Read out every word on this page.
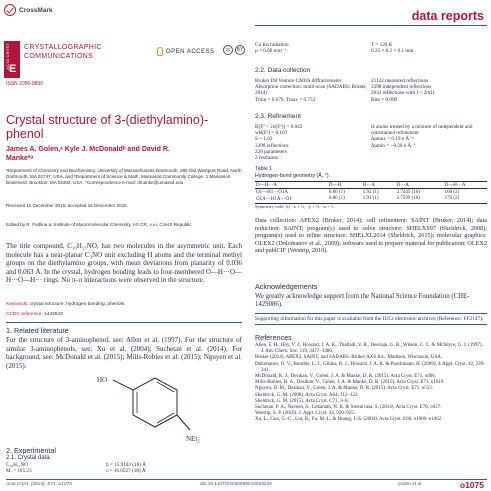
CrossMark	data reports
ACTA CRYST E
CRYSTALLOGRAPHIC
COMMUNICATIONS
ISSN 2056-9890
OPEN ACCESS	cc	BY
Crystal structure of 3-(diethylamino)-
phenol
James A. Golen,ᵃ Kyle J. McDonaldᵇ and David R.
Manke*ᵃ
ᵃDepartment of Chemistry and Biochemistry, University of Massachusetts Dartmouth, 285 Old Westport Road, North Dartmouth, MA 02747, USA, and ᵇDepartment of Science & Math, Massasoit Community College, 1 Massasoit Boulevard, Brockton, MA 02302, USA. *Correspondence e-mail: dmanke@umassd.edu
Received 11 December 2015; accepted 16 December 2015
Edited by R. Fedlina,a; Institute of Macromolecular Chemistry, AS CR, v.v.i, Czech Republic
The title compound, C₁₀H₁₅NO, has two molecules in the asymmetric unit. Each molecule has a near-planar C₃NO unit excluding H atoms and the terminal methyl groups on the diethylamino groups, with mean deviations from planarity of 0.036 and 0.063 Å. In the crystal, hydrogen bonding leads to four-membered O—H···O—H···O—H··· rings. No π–π interactions were observed in the structure.
Keywords: crystal structure; hydrogen bonding; phenols.
CCDC reference: 1442843
1. Related literature
For the structure of 3-aminophenol, see: Allen et al. (1997). For the structure of similar 3-aminophenols, see: Xu et al. (2004); Suchetan et al. (2014). For background, see: McDonald et al. (2015); Mills-Robles et al. (2015); Nguyen et al. (2015).
HO
NEt₂
2. Experimental
2.1. Crystal data
C₁₀H₁₅NO	b = 15.9102 (18) Å
Mᵣ = 165.23	c = 16.0527 (18) Å
Cu Kα radiation
μ = 0.60 mm⁻¹
T = 120 K
0.25 × 0.2 × 0.1 mm
2.2. Data collection
Bruker D8 Venture CMOS diffractometer
Absorption correction: multi-scan (SADABS; Bruker, 2014)
Tmin = 0.679, Tmax = 0.753
21122 measured reflections
3398 independent reflections
2633 reflections with I > 2σ(I)
Rint = 0.090
2.3. Refinement
R[F² > 2σ(F²)] = 0.042
wR(F²) = 0.107
S = 1.02
3398 reflections
228 parameters
2 restraints
H atoms treated by a mixture of independent and constrained refinement
Δρmax = 0.19 e Å⁻³
Δρmin = −0.20 e Å⁻³
Table 1
Hydrogen-bond geometry (Å, °).
D—H···A	D—H	H···A	D···A	D—H···A
O1—H1···O1A	0.86 (1)	1.92 (1)	2.7445 (16)	160 (2)
O1A—H1A···O1ⁱ	0.86 (1)	1.91 (1)	2.7599 (16)	170 (2)
Symmetry code: (i) −x + ½, −y + ½, −z + 1.
Data collection: APEX2 (Bruker, 2014); cell refinement: SAINT (Bruker, 2014); data reduction: SAINT; program(s) used to solve structure: SHELXS97 (Sheldrick, 2008); program(s) used to refine structure: SHELXL2014 (Sheldrick, 2015); molecular graphics: OLEX2 (Dolomanov et al., 2009); software used to prepare material for publication: OLEX2 and publCIF (Westrip, 2010).
Acknowledgements
We greatly acknowledge support from the National Science Foundation (CHE-1429086).
Supporting information for this paper is available from the IUCr electronic archives (Reference: FF2147).
References
Allen, F. H., Hoy, V. J., Howard, J. A. K., Thalladi, V. R., Desiraju, G. R., Wilson, C. C. & McIntyre, G. J. (1997). J. Am. Chem. Soc. 119, 3477–3480.
Bruker (2014). APEX2, SAINT, and SADABS. Bruker AXS Inc., Madison, Wisconsin, USA.
Dolomanov, O. V., Bourhis, L. J., Gildea, R. J., Howard, J. A. K. & Puschmann, H. (2009). J. Appl. Cryst. 42, 339–341.
McDonald, K. J., Desikan, V., Golen, J. A. & Manke, D. R. (2015). Acta Cryst. E71, o406.
Mills-Robles, H. A., Desikan, V., Golen, J. A. & Manke, D. R. (2015). Acta Cryst. E71, o1019.
Nguyen, D. M., Desikan, V., Golen, J. A. & Manke, D. R. (2015). Acta Cryst. E71, o533.
Sheldrick, G. M. (2008). Acta Cryst. A64, 112–122.
Sheldrick, G. M. (2015). Acta Cryst. C71, 3–8.
Suchetan, P. A., Naveen, S., Lokanath, N. K. & Sreenivasa, S. (2014). Acta Cryst. E70, o927.
Westrip, S. P. (2010). J. Appl. Cryst. 43, 920–925.
Xu, L., Guo, G.-C., Liu, B., Fu, M.-L. & Huang, J.-S. (2004). Acta Cryst. E60, o1060–o1062.
Acta Cryst. (2015). E71, o1075	doi:10.1107/S2056989015024226	Golen et al.	o1075
